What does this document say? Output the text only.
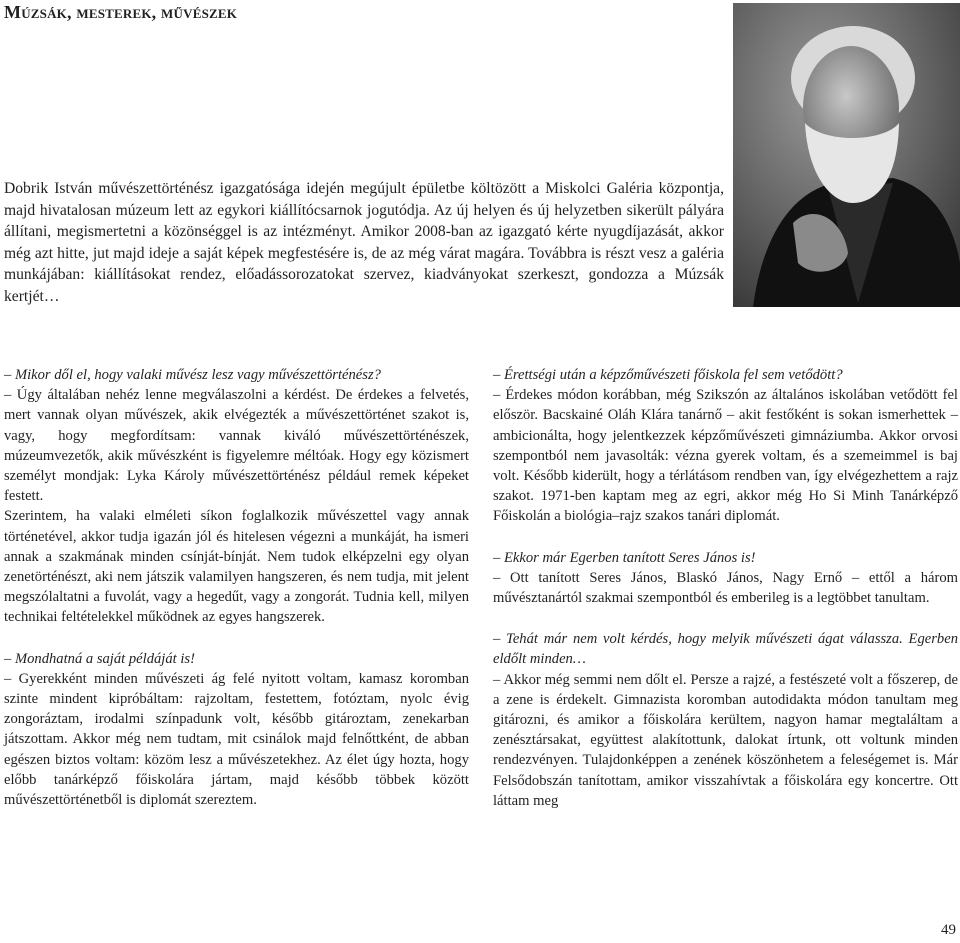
Múzsák, mesterek, művészek

Dobrik István művészettörténész igazgatósága idején megújult épületbe költözött a Miskolci Galéria központja, majd hivatalosan múzeum lett az egykori kiállítócsarnok jogutódja. Az új helyen és új helyzetben sikerült pályára állítani, megismertetni a közönséggel is az intézményt. Amikor 2008-ban az igazgató kérte nyugdíjazását, akkor még azt hitte, jut majd ideje a saját képek megfestésére is, de az még várat magára. Továbbra is részt vesz a galéria munkájában: kiállításokat rendez, előadássorozatokat szervez, kiadványokat szerkeszt, gondozza a Múzsák kertjét…

– Mikor dől el, hogy valaki művész lesz vagy művészettörténész?

– Úgy általában nehéz lenne megválaszolni a kérdést. De érdekes a felvetés, mert vannak olyan művészek, akik elvégezték a művészettörténet szakot is, vagy, hogy megfordítsam: vannak kiváló művészettörténészek, múzeumvezetők, akik művészként is figyelemre méltóak. Hogy egy közismert személyt mondjak: Lyka Károly művészettörténész például remek képeket festett.

Szerintem, ha valaki elméleti síkon foglalkozik művészettel vagy annak történetével, akkor tudja igazán jól és hitelesen végezni a munkáját, ha ismeri annak a szakmának minden csínját-bínját. Nem tudok elképzelni egy olyan zenetörténészt, aki nem játszik valamilyen hangszeren, és nem tudja, mit jelent megszólaltatni a fuvolát, vagy a hegedűt, vagy a zongorát. Tudnia kell, milyen technikai feltételekkel működnek az egyes hangszerek.

– Mondhatná a saját példáját is!

– Gyerekként minden művészeti ág felé nyitott voltam, kamasz koromban szinte mindent kipróbáltam: rajzoltam, festettem, fotóztam, nyolc évig zongoráztam, irodalmi színpadunk volt, később gitároztam, zenekarban játszottam. Akkor még nem tudtam, mit csinálok majd felnőttként, de abban egészen biztos voltam: közöm lesz a művészetekhez. Az élet úgy hozta, hogy előbb tanárképző főiskolára jártam, majd később többek között művészettörténetből is diplomát szereztem.

– Érettségi után a képzőművészeti főiskola fel sem vetődött?

– Érdekes módon korábban, még Szikszón az általános iskolában vetődött fel először. Bacskainé Oláh Klára tanárnő – akit festőként is sokan ismerhettek – ambicionálta, hogy jelentkezzek képzőművészeti gimnáziumba. Akkor orvosi szempontból nem javasolták: vézna gyerek voltam, és a szemeimmel is baj volt. Később kiderült, hogy a térlátásom rendben van, így elvégezhettem a rajz szakot. 1971-ben kaptam meg az egri, akkor még Ho Si Minh Tanárképző Főiskolán a biológia–rajz szakos tanári diplomát.

– Ekkor már Egerben tanított Seres János is!

– Ott tanított Seres János, Blaskó János, Nagy Ernő – ettől a három művésztanártól szakmai szempontból és emberileg is a legtöbbet tanultam.

– Tehát már nem volt kérdés, hogy melyik művészeti ágat válassza. Egerben eldőlt minden…

– Akkor még semmi nem dőlt el. Persze a rajzé, a festészeté volt a főszerep, de a zene is érdekelt. Gimnazista koromban autodidakta módon tanultam meg gitározni, és amikor a főiskolára kerültem, nagyon hamar megtaláltam a zenésztársakat, együttest alakítottunk, dalokat írtunk, ott voltunk minden rendezvényen. Tulajdonképpen a zenének köszönhetem a feleségemet is. Már Felsődobszán tanítottam, amikor visszahívtak a főiskolára egy koncertre. Ott láttam meg

49
